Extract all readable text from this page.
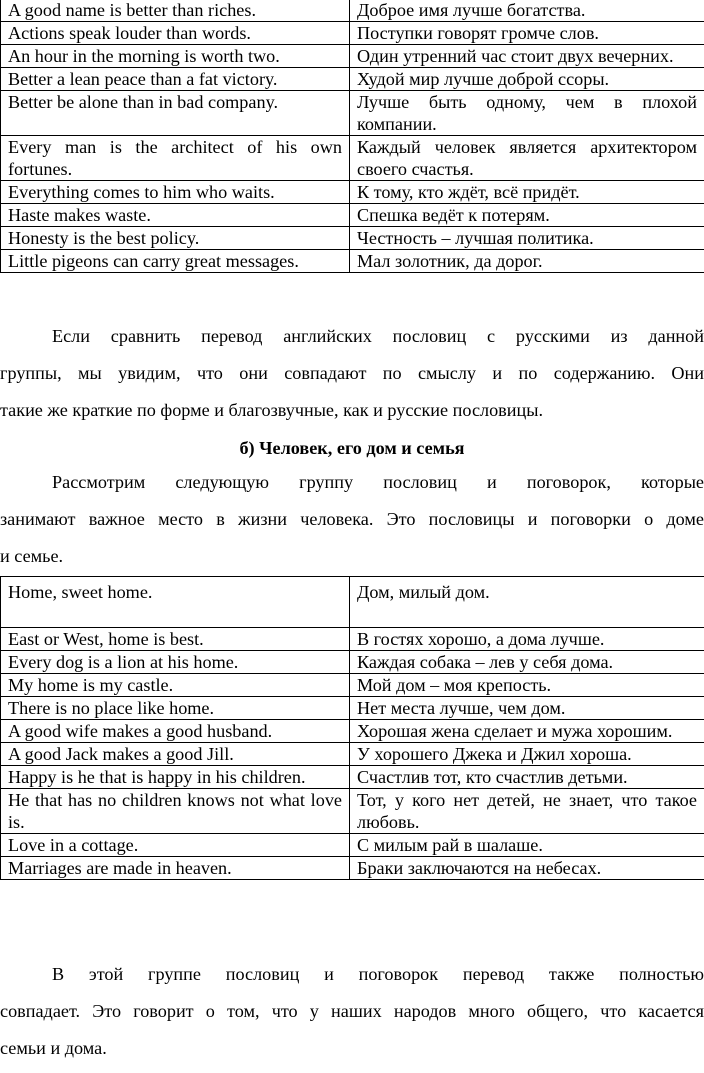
A good name is better than riches.	Доброе имя лучше богатства.
Actions speak louder than words.	Поступки говорят громче слов.
An hour in the morning is worth two.	Один утренний час стоит двух вечерних.
Better a lean peace than a fat victory.	Худой мир лучше доброй ссоры.
Better be alone than in bad company.	Лучше быть одному, чем в плохой компании.
Every man is the architect of his own fortunes.	Каждый человек является архитектором своего счастья.
Everything comes to him who waits.	К тому, кто ждёт, всё придёт.
Haste makes waste.	Спешка ведёт к потерям.
Honesty is the best policy.	Честность – лучшая политика.
Little pigeons can carry great messages.	Мал золотник, да дорог.
Если сравнить перевод английских пословиц с русскими из данной
группы, мы увидим, что они совпадают по смыслу и по содержанию. Они
такие же краткие по форме и благозвучные, как и русские пословицы.
б) Человек, его дом и семья
Рассмотрим следующую группу пословиц и поговорок, которые
занимают важное место в жизни человека. Это пословицы и поговорки о доме
и семье.
Home, sweet home.	Дом, милый дом.
East or West, home is best.	В гостях хорошо, а дома лучше.
Every dog is a lion at his home.	Каждая собака – лев у себя дома.
My home is my castle.	Мой дом – моя крепость.
There is no place like home.	Нет места лучше, чем дом.
A good wife makes a good husband.	Хорошая жена сделает и мужа хорошим.
A good Jack makes a good Jill.	У хорошего Джека и Джил хороша.
Happy is he that is happy in his children.	Счастлив тот, кто счастлив детьми.
He that has no children knows not what love is.	Тот, у кого нет детей, не знает, что такое любовь.
Love in a cottage.	С милым рай в шалаше.
Marriages are made in heaven.	Браки заключаются на небесах.
В этой группе пословиц и поговорок перевод также полностью
совпадает. Это говорит о том, что у наших народов много общего, что касается
семьи и дома.
